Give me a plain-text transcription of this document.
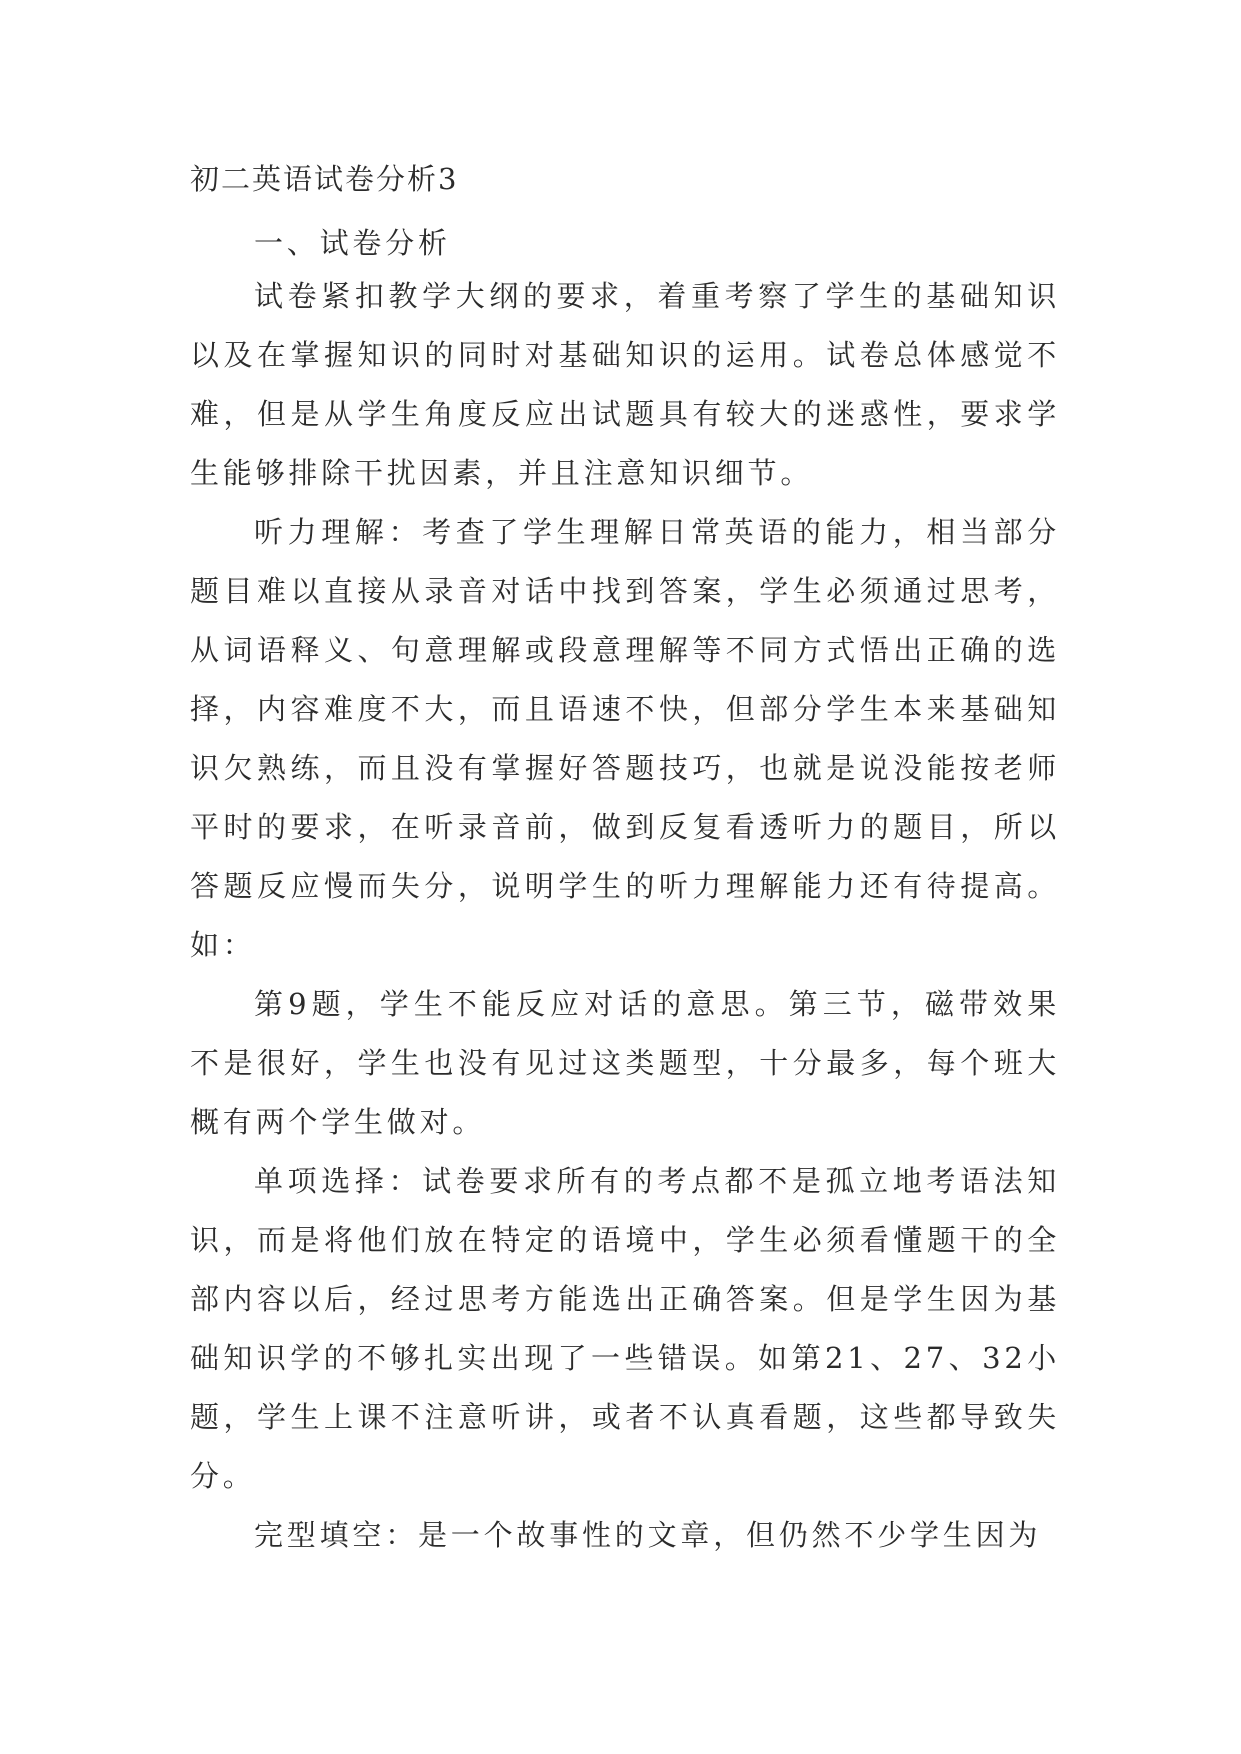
初二英语试卷分析3

一、试卷分析

试卷紧扣教学大纲的要求，着重考察了学生的基础知识以及在掌握知识的同时对基础知识的运用。试卷总体感觉不难，但是从学生角度反应出试题具有较大的迷惑性，要求学生能够排除干扰因素，并且注意知识细节。

听力理解：考查了学生理解日常英语的能力，相当部分题目难以直接从录音对话中找到答案，学生必须通过思考，从词语释义、句意理解或段意理解等不同方式悟出正确的选择，内容难度不大，而且语速不快，但部分学生本来基础知识欠熟练，而且没有掌握好答题技巧，也就是说没能按老师平时的要求，在听录音前，做到反复看透听力的题目，所以答题反应慢而失分，说明学生的听力理解能力还有待提高。如：

第9题，学生不能反应对话的意思。第三节，磁带效果不是很好，学生也没有见过这类题型，十分最多，每个班大概有两个学生做对。

单项选择：试卷要求所有的考点都不是孤立地考语法知识，而是将他们放在特定的语境中，学生必须看懂题干的全部内容以后，经过思考方能选出正确答案。但是学生因为基础知识学的不够扎实出现了一些错误。如第21、27、32小题，学生上课不注意听讲，或者不认真看题，这些都导致失分。

完型填空：是一个故事性的文章，但仍然不少学生因为
